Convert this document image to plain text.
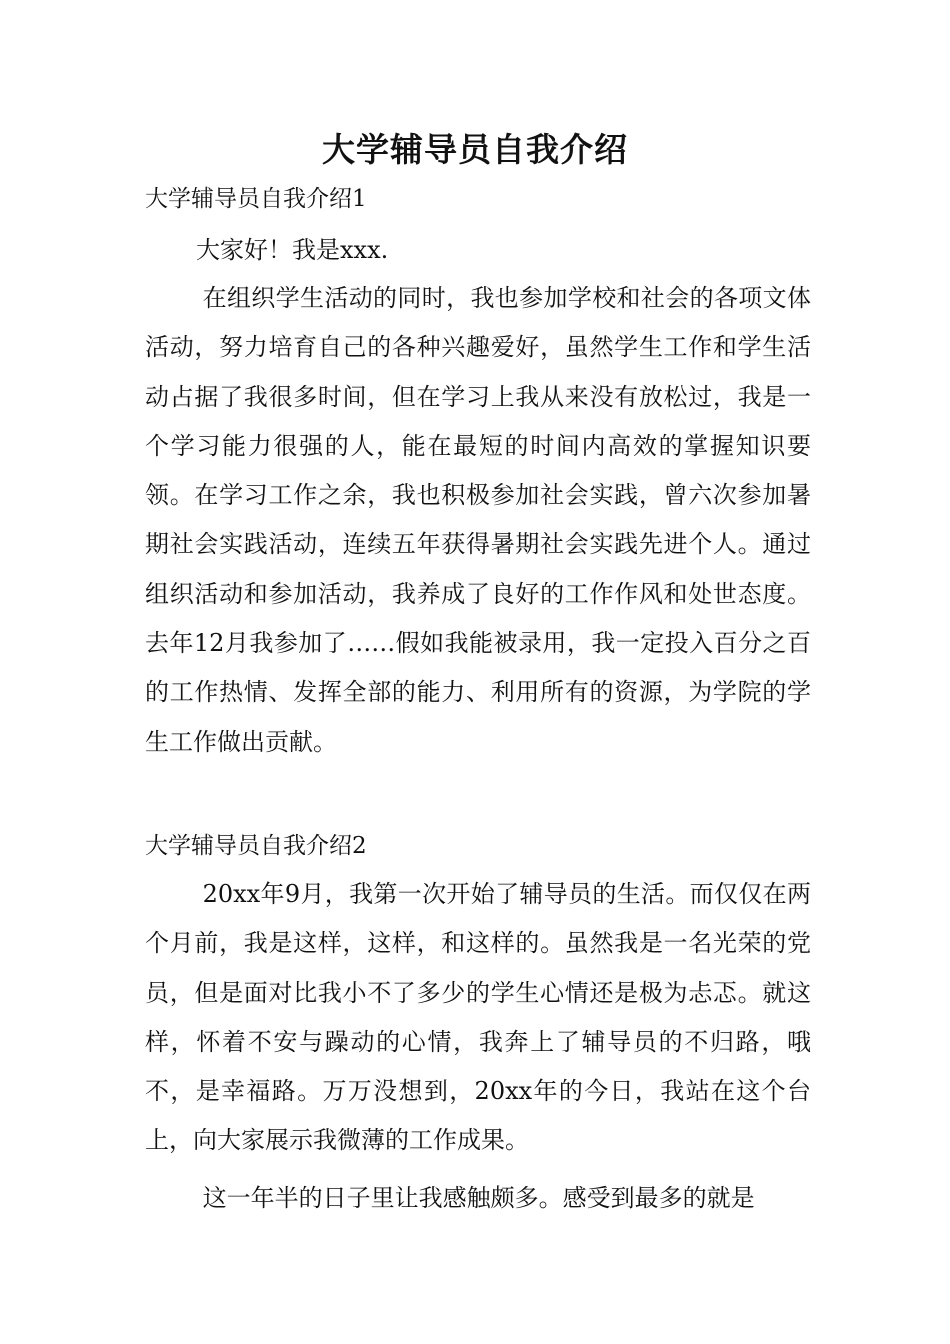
大学辅导员自我介绍
大学辅导员自我介绍1

大家好！我是xxx.

在组织学生活动的同时，我也参加学校和社会的各项文体活动，努力培育自己的各种兴趣爱好，虽然学生工作和学生活动占据了我很多时间，但在学习上我从来没有放松过，我是一个学习能力很强的人，能在最短的时间内高效的掌握知识要领。在学习工作之余，我也积极参加社会实践，曾六次参加暑期社会实践活动，连续五年获得暑期社会实践先进个人。通过组织活动和参加活动，我养成了良好的工作作风和处世态度。去年12月我参加了……假如我能被录用，我一定投入百分之百的工作热情、发挥全部的能力、利用所有的资源，为学院的学生工作做出贡献。

大学辅导员自我介绍2

20xx年9月，我第一次开始了辅导员的生活。而仅仅在两个月前，我是这样，这样，和这样的。虽然我是一名光荣的党员，但是面对比我小不了多少的学生心情还是极为忐忑。就这样，怀着不安与躁动的心情，我奔上了辅导员的不归路，哦不，是幸福路。万万没想到，20xx年的今日，我站在这个台上，向大家展示我微薄的工作成果。

这一年半的日子里让我感触颇多。感受到最多的就是
